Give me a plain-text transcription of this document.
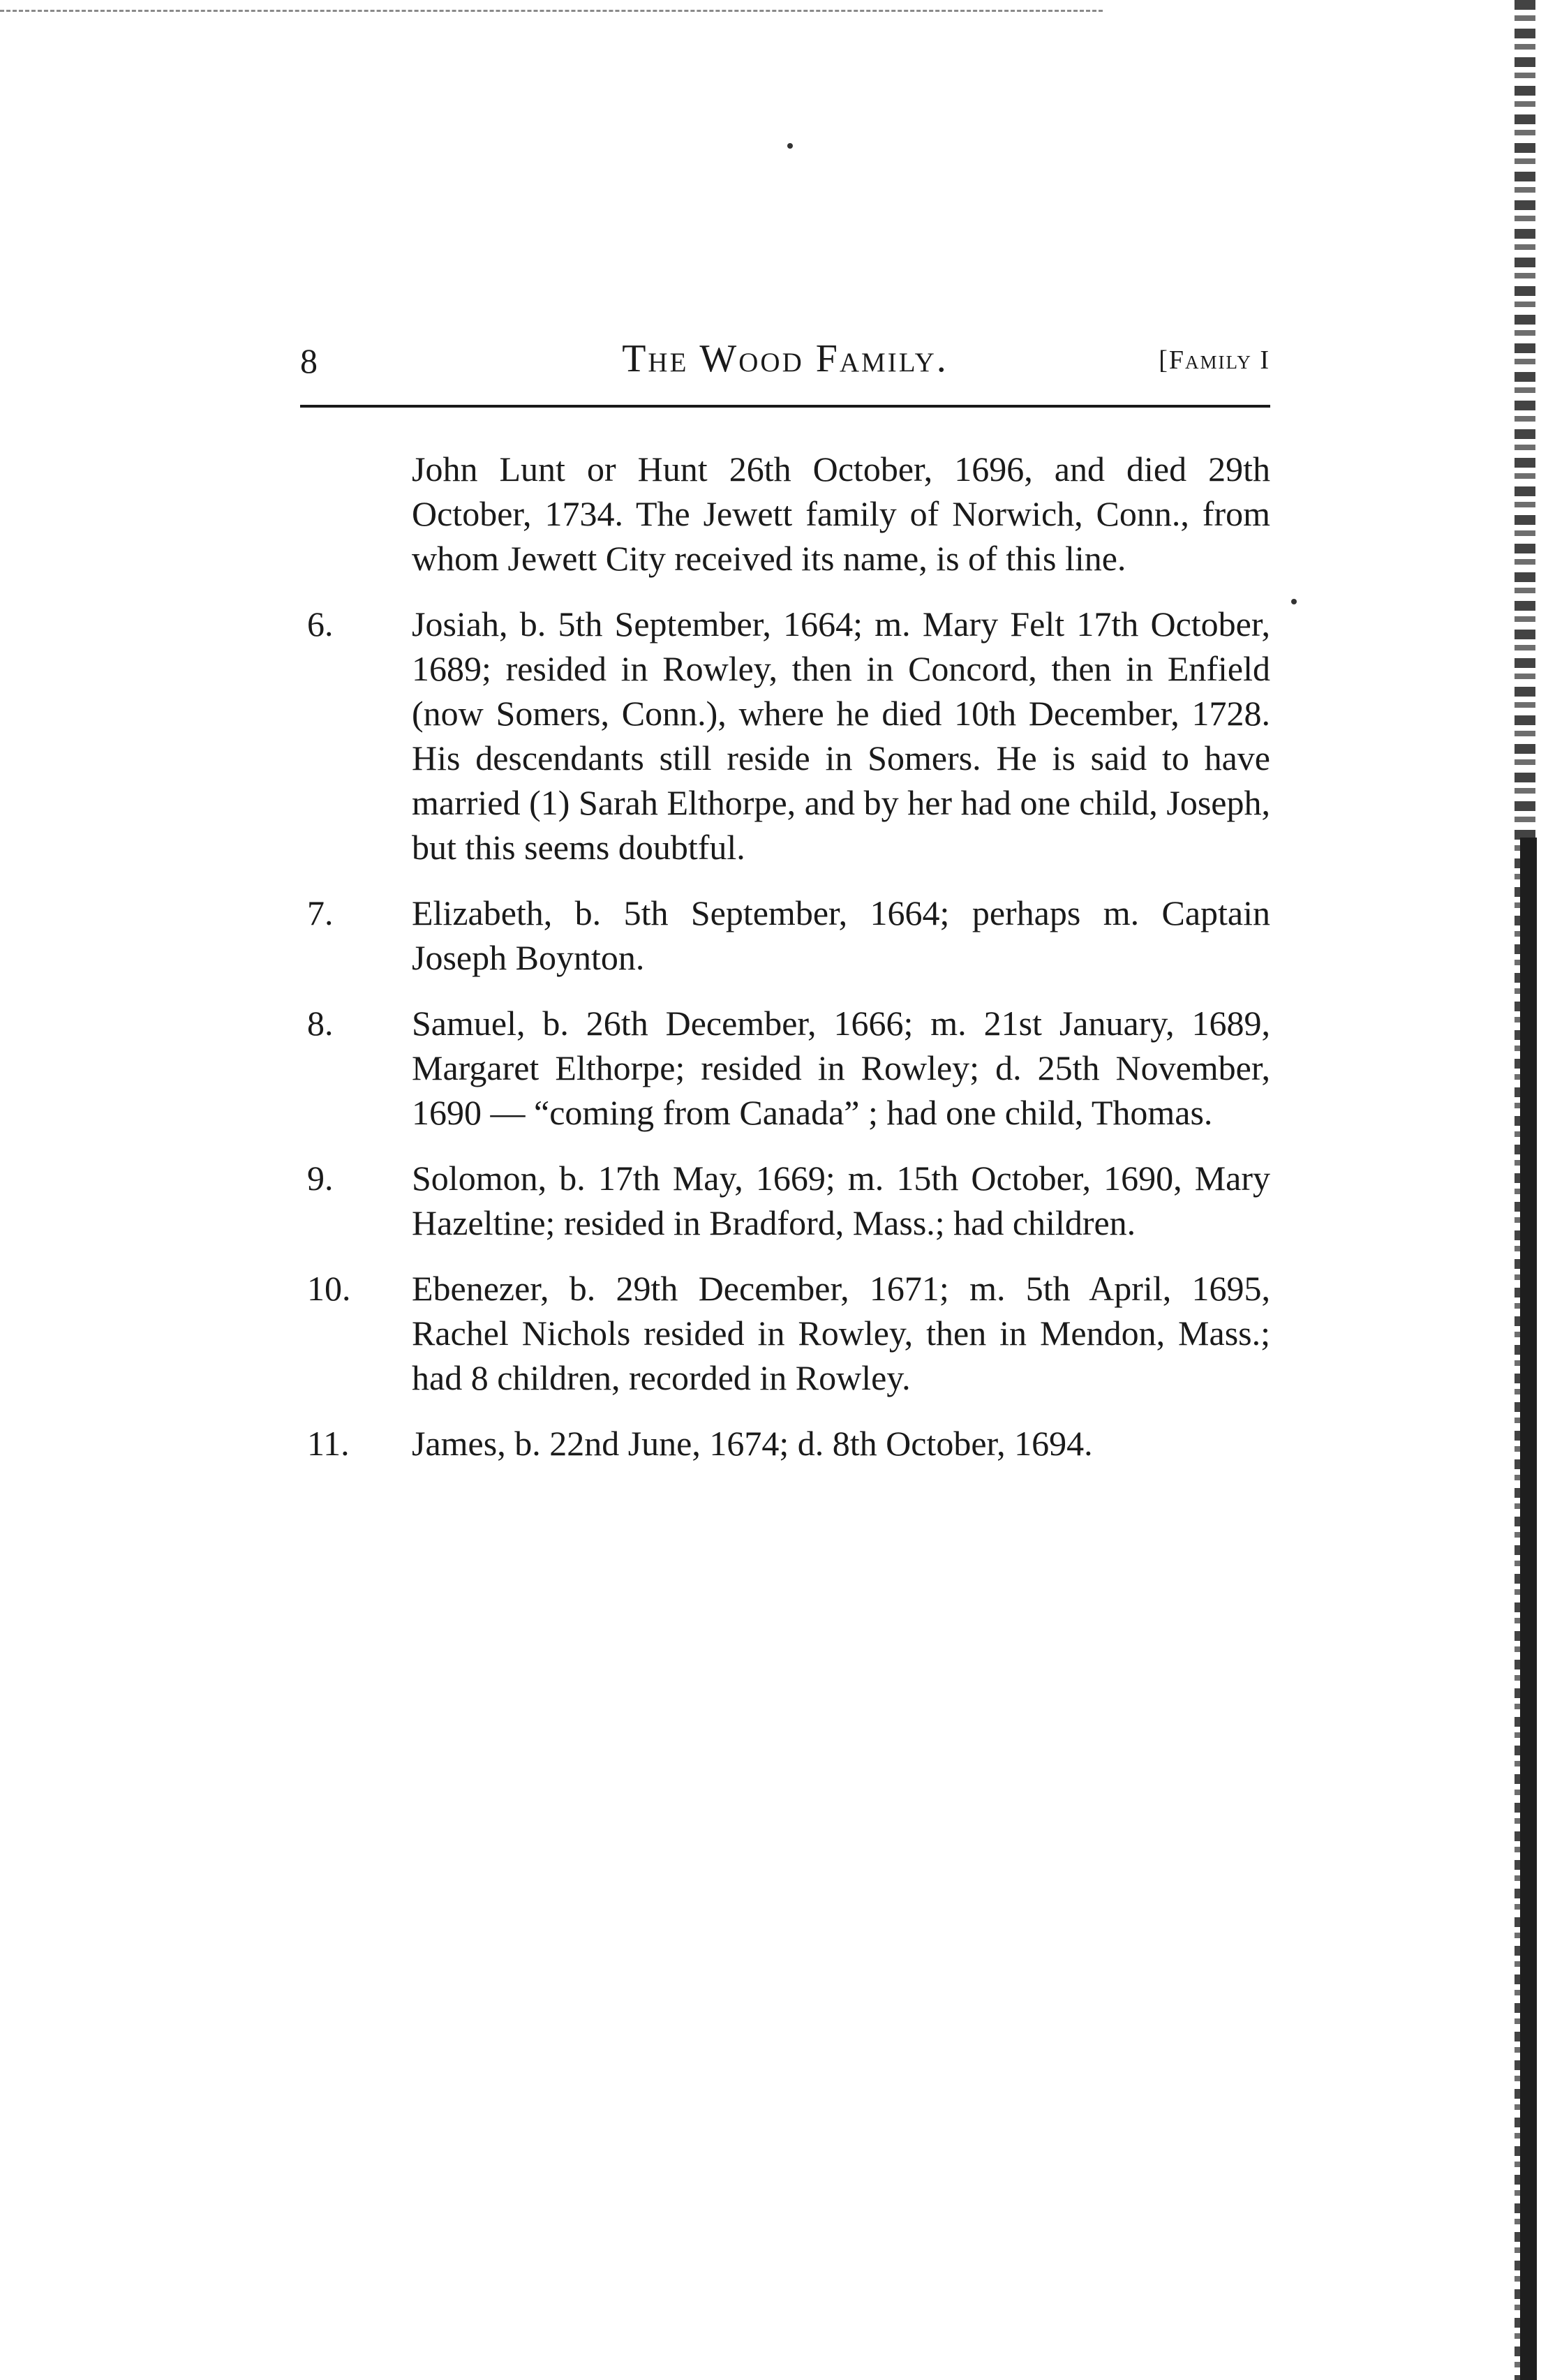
8	The Wood Family.	[Family I

John Lunt or Hunt 26th October, 1696, and died 29th October, 1734. The Jewett family of Norwich, Conn., from whom Jewett City received its name, is of this line.

6.	Josiah, b. 5th September, 1664; m. Mary Felt 17th October, 1689; resided in Rowley, then in Concord, then in Enfield (now Somers, Conn.), where he died 10th December, 1728. His descendants still reside in Somers. He is said to have married (1) Sarah Elthorpe, and by her had one child, Joseph, but this seems doubtful.
7.	Elizabeth, b. 5th September, 1664; perhaps m. Captain Joseph Boynton.
8.	Samuel, b. 26th December, 1666; m. 21st January, 1689, Margaret Elthorpe; resided in Rowley; d. 25th November, 1690 — “coming from Canada” ; had one child, Thomas.
9.	Solomon, b. 17th May, 1669; m. 15th October, 1690, Mary Hazeltine; resided in Bradford, Mass.; had children.
10.	Ebenezer, b. 29th December, 1671; m. 5th April, 1695, Rachel Nichols resided in Rowley, then in Mendon, Mass.; had 8 children, recorded in Rowley.
11.	James, b. 22nd June, 1674; d. 8th October, 1694.
